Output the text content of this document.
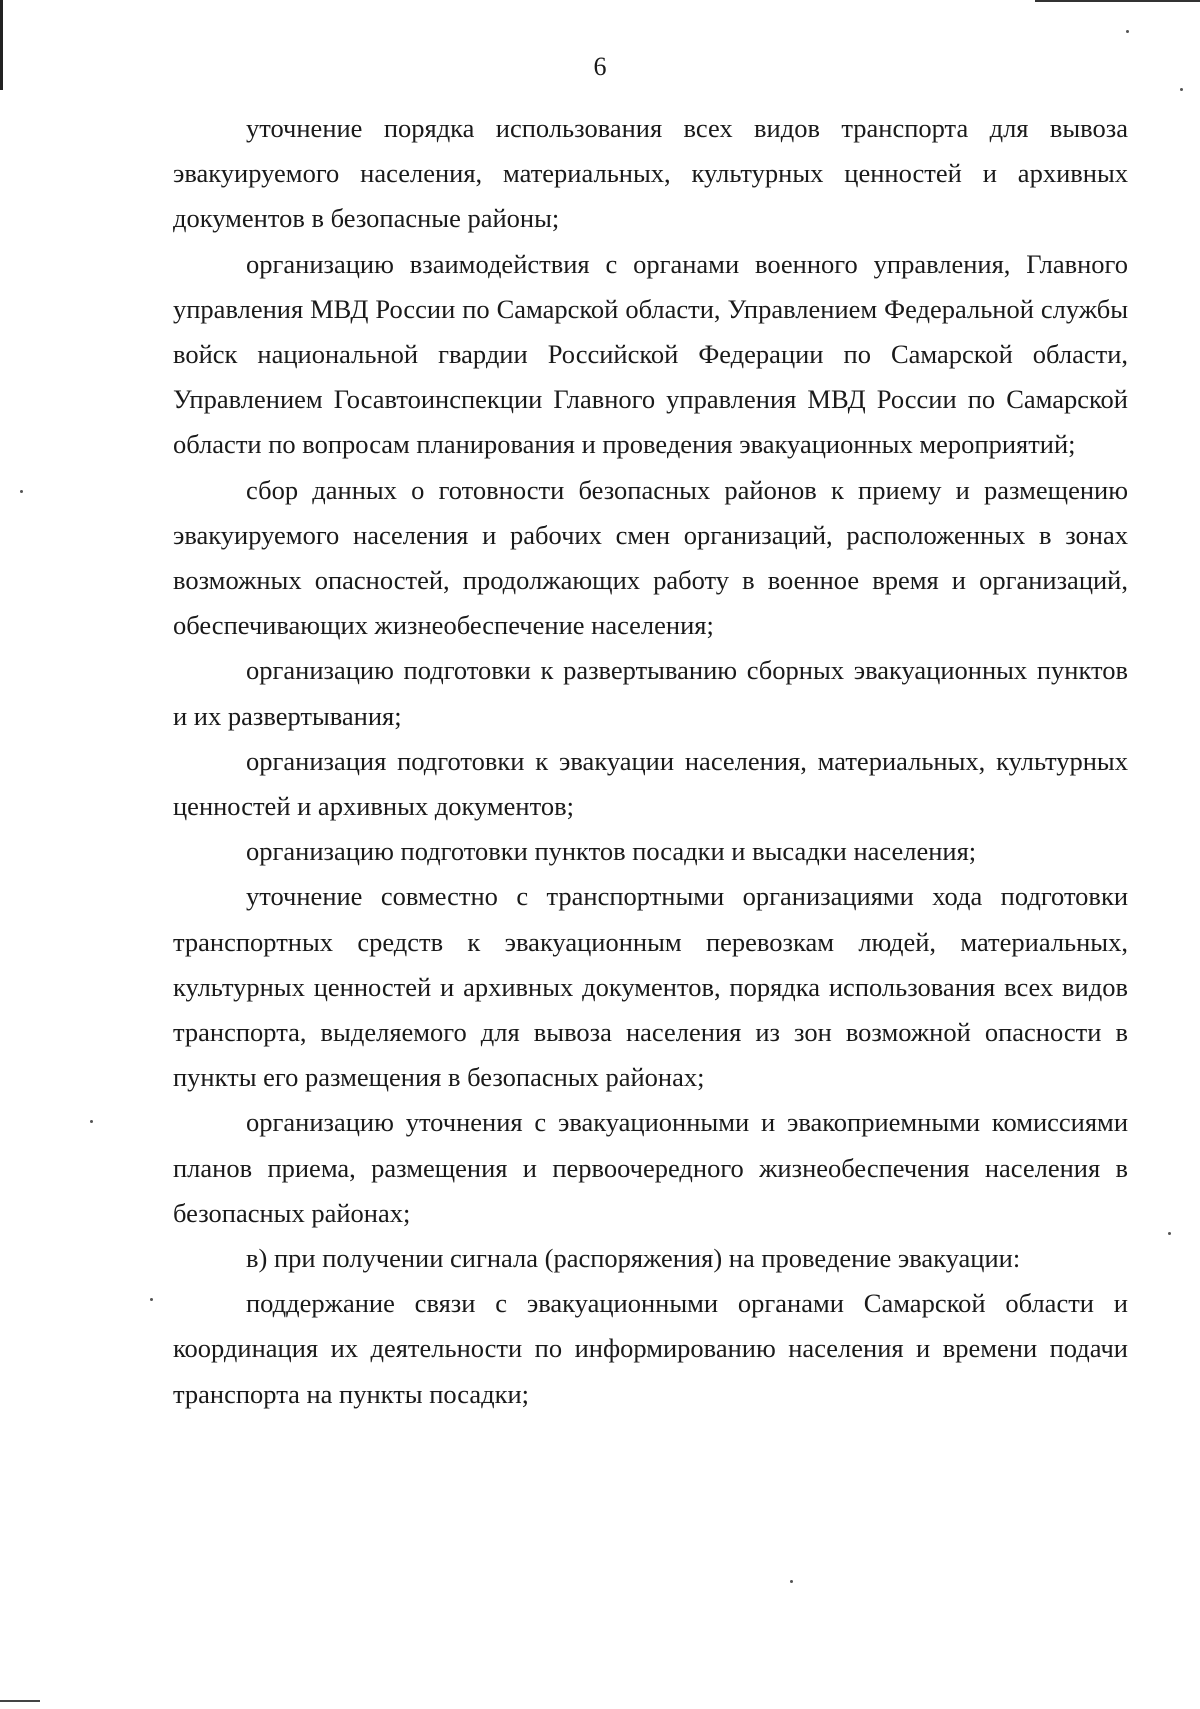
6

уточнение порядка использования всех видов транспорта для вывоза эвакуируемого населения, материальных, культурных ценностей и архивных документов в безопасные районы;

организацию взаимодействия с органами военного управления, Главного управления МВД России по Самарской области, Управлением Федеральной службы войск национальной гвардии Российской Федерации по Самарской области, Управлением Госавтоинспекции Главного управления МВД России по Самарской области по вопросам планирования и проведения эвакуационных мероприятий;

сбор данных о готовности безопасных районов к приему и размещению эвакуируемого населения и рабочих смен организаций, расположенных в зонах возможных опасностей, продолжающих работу в военное время и организаций, обеспечивающих жизнеобеспечение населения;

организацию подготовки к развертыванию сборных эвакуационных пунктов и их развертывания;

организация подготовки к эвакуации населения, материальных, культурных ценностей и архивных документов;

организацию подготовки пунктов посадки и высадки населения;

уточнение совместно с транспортными организациями хода подготовки транспортных средств к эвакуационным перевозкам людей, материальных, культурных ценностей и архивных документов, порядка использования всех видов транспорта, выделяемого для вывоза населения из зон возможной опасности в пункты его размещения в безопасных районах;

организацию уточнения с эвакуационными и эвакоприемными комиссиями планов приема, размещения и первоочередного жизнеобеспечения населения в безопасных районах;

в) при получении сигнала (распоряжения) на проведение эвакуации:

поддержание связи с эвакуационными органами Самарской области и координация их деятельности по информированию населения и времени подачи транспорта на пункты посадки;
